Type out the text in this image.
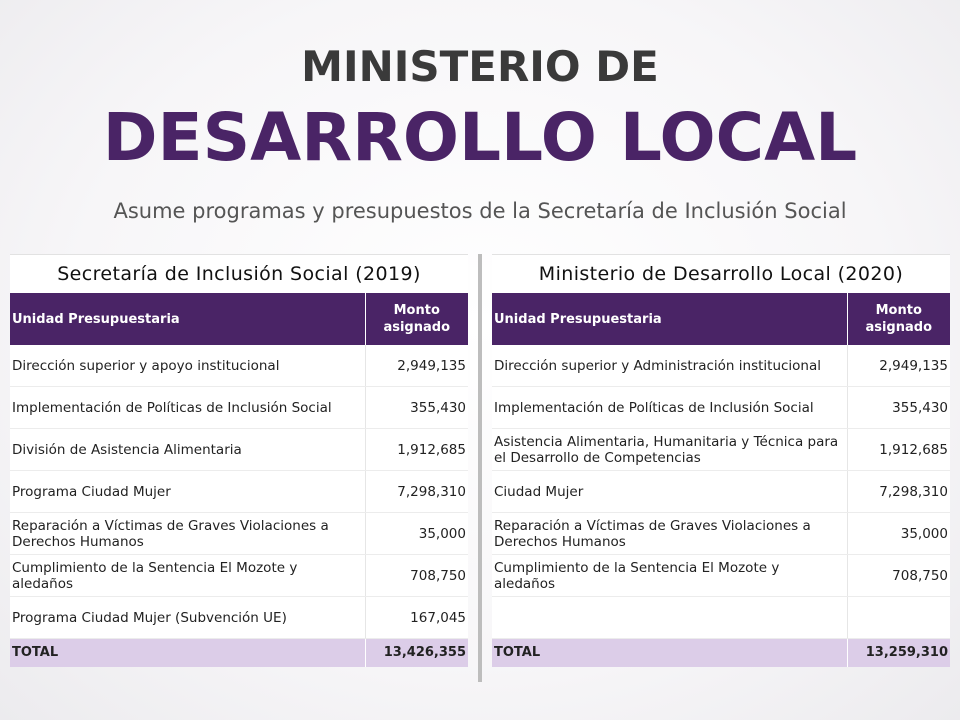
MINISTERIO DE
DESARROLLO LOCAL
Asume programas y presupuestos de la Secretaría de Inclusión Social
Secretaría de Inclusión Social (2019)
Unidad Presupuestaria	Monto
asignado
Dirección superior y apoyo institucional	2,949,135
Implementación de Políticas de Inclusión Social	355,430
División de Asistencia Alimentaria	1,912,685
Programa Ciudad Mujer	7,298,310
Reparación a Víctimas de Graves Violaciones a Derechos Humanos	35,000
Cumplimiento de la Sentencia El Mozote y aledaños	708,750
Programa Ciudad Mujer (Subvención UE)	167,045
TOTAL	13,426,355
Ministerio de Desarrollo Local (2020)
Unidad Presupuestaria	Monto
asignado
Dirección superior y Administración institucional	2,949,135
Implementación de Políticas de Inclusión Social	355,430
Asistencia Alimentaria, Humanitaria y Técnica para el Desarrollo de Competencias	1,912,685
Ciudad Mujer	7,298,310
Reparación a Víctimas de Graves Violaciones a Derechos Humanos	35,000
Cumplimiento de la Sentencia El Mozote y aledaños	708,750

TOTAL	13,259,310
